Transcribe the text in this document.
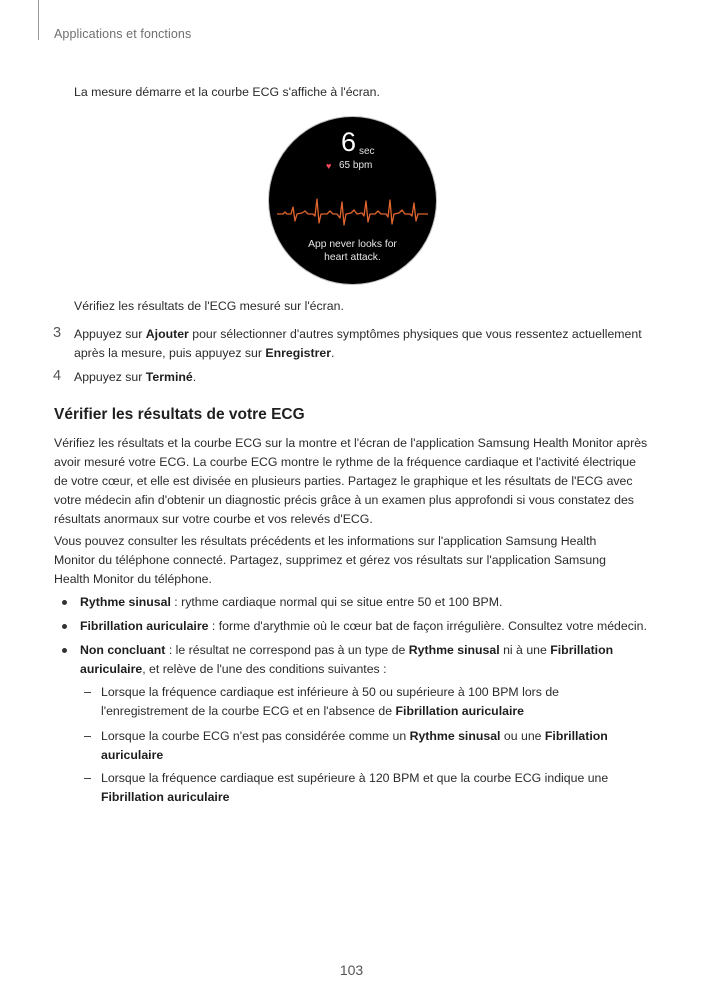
Applications et fonctions
La mesure démarre et la courbe ECG s'affiche à l'écran.
6 sec
♥ 65 bpm
App never looks for
heart attack.
Vérifiez les résultats de l'ECG mesuré sur l'écran.
3 Appuyez sur Ajouter pour sélectionner d'autres symptômes physiques que vous ressentez actuellement
après la mesure, puis appuyez sur Enregistrer.
4 Appuyez sur Terminé.
Vérifier les résultats de votre ECG
Vérifiez les résultats et la courbe ECG sur la montre et l'écran de l'application Samsung Health Monitor après
avoir mesuré votre ECG. La courbe ECG montre le rythme de la fréquence cardiaque et l'activité électrique
de votre cœur, et elle est divisée en plusieurs parties. Partagez le graphique et les résultats de l'ECG avec
votre médecin afin d'obtenir un diagnostic précis grâce à un examen plus approfondi si vous constatez des
résultats anormaux sur votre courbe et vos relevés d'ECG.
Vous pouvez consulter les résultats précédents et les informations sur l'application Samsung Health
Monitor du téléphone connecté. Partagez, supprimez et gérez vos résultats sur l'application Samsung
Health Monitor du téléphone.
Rythme sinusal : rythme cardiaque normal qui se situe entre 50 et 100 BPM.
Fibrillation auriculaire : forme d'arythmie où le cœur bat de façon irrégulière. Consultez votre médecin.
Non concluant : le résultat ne correspond pas à un type de Rythme sinusal ni à une Fibrillation
auriculaire, et relève de l'une des conditions suivantes :
Lorsque la fréquence cardiaque est inférieure à 50 ou supérieure à 100 BPM lors de
l'enregistrement de la courbe ECG et en l'absence de Fibrillation auriculaire
Lorsque la courbe ECG n'est pas considérée comme un Rythme sinusal ou une Fibrillation
auriculaire
Lorsque la fréquence cardiaque est supérieure à 120 BPM et que la courbe ECG indique une
Fibrillation auriculaire
103
